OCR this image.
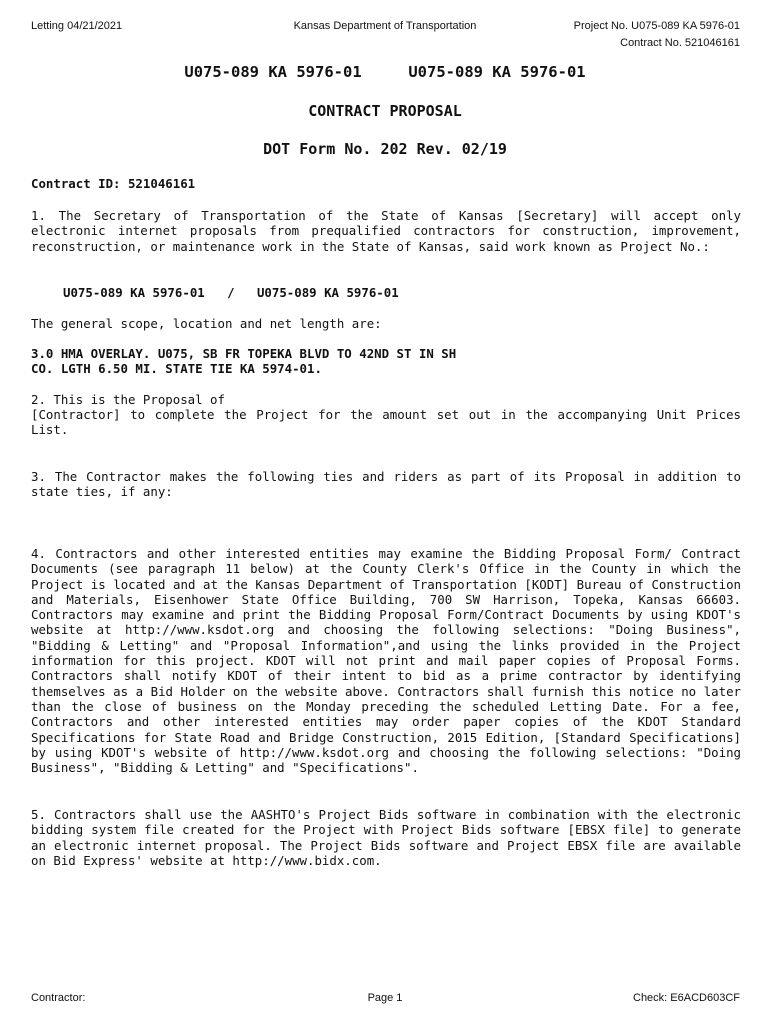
Letting 04/21/2021	Kansas Department of Transportation	Project No. U075-089 KA 5976-01
Contract No. 521046161
U075-089 KA 5976-01     U075-089 KA 5976-01
CONTRACT PROPOSAL
DOT Form No. 202 Rev. 02/19
Contract ID: 521046161
1. The Secretary of Transportation of the State of Kansas [Secretary] will accept only electronic internet proposals from prequalified contractors for construction, improvement, reconstruction, or maintenance work in the State of Kansas, said work known as Project No.:
U075-089 KA 5976-01   /   U075-089 KA 5976-01
The general scope, location and net length are:
3.0 HMA OVERLAY. U075, SB FR TOPEKA BLVD TO 42ND ST IN SH
CO. LGTH 6.50 MI. STATE TIE KA 5974-01.
2. This is the Proposal of
[Contractor] to complete the Project for the amount set out in the accompanying Unit Prices List.
3. The Contractor makes the following ties and riders as part of its Proposal in addition to state ties, if any:
4. Contractors and other interested entities may examine the Bidding Proposal Form/ Contract Documents (see paragraph 11 below) at the County Clerk's Office in the County in which the Project is located and at the Kansas Department of Transportation [KODT] Bureau of Construction and Materials, Eisenhower State Office Building, 700 SW Harrison, Topeka, Kansas 66603. Contractors may examine and print the Bidding Proposal Form/Contract Documents by using KDOT's website at http://www.ksdot.org and choosing the following selections: "Doing Business", "Bidding & Letting" and "Proposal Information",and using the links provided in the Project information for this project. KDOT will not print and mail paper copies of Proposal Forms. Contractors shall notify KDOT of their intent to bid as a prime contractor by identifying themselves as a Bid Holder on the website above. Contractors shall furnish this notice no later than the close of business on the Monday preceding the scheduled Letting Date. For a fee, Contractors and other interested entities may order paper copies of the KDOT Standard Specifications for State Road and Bridge Construction, 2015 Edition, [Standard Specifications] by using KDOT's website of http://www.ksdot.org and choosing the following selections: "Doing Business", "Bidding & Letting" and "Specifications".
5. Contractors shall use the AASHTO's Project Bids software in combination with the electronic bidding system file created for the Project with Project Bids software [EBSX file] to generate an electronic internet proposal. The Project Bids software and Project EBSX file are available on Bid Express' website at http://www.bidx.com.
Contractor:	Page 1	Check: E6ACD603CF
